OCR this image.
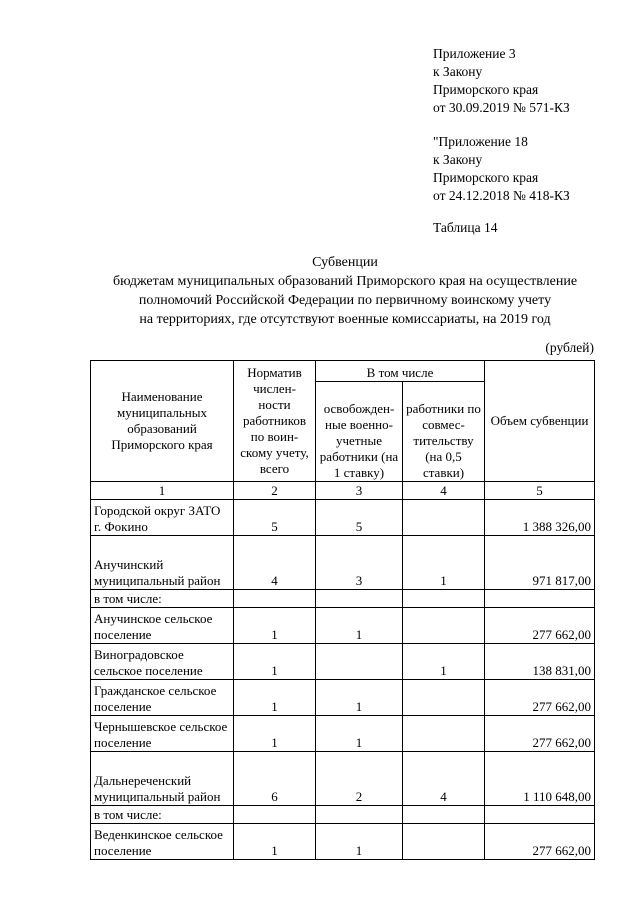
Приложение 3
к Закону
Приморского края
от 30.09.2019 № 571-КЗ
"Приложение 18
к Закону
Приморского края
от 24.12.2018 № 418-КЗ
Таблица 14
Субвенции
бюджетам муниципальных образований Приморского края на осуществление
полномочий Российской Федерации по первичному воинскому учету
на территориях, где отсутствуют военные комиссариаты, на 2019 год
(рублей)
Наименование муниципальных образований Приморского края	Норматив числен- ности работников по воин- скому учету, всего	В том числе		Объем субвенции
		освобожден- ные военно- учетные работники (на 1 ставку)	работники по совмес- тительству (на 0,5 ставки)	
1	2	3	4	5
Городской округ ЗАТО г. Фокино	5	5		1 388 326,00
Анучинский муниципальный район	4	3	1	971 817,00
в том числе:				
Анучинское сельское поселение	1	1		277 662,00
Виноградовское сельское поселение	1		1	138 831,00
Гражданское сельское поселение	1	1		277 662,00
Чернышевское сельское поселение	1	1		277 662,00
Дальнереченский муниципальный район	6	2	4	1 110 648,00
в том числе:				
Веденкинское сельское поселение	1	1		277 662,00
